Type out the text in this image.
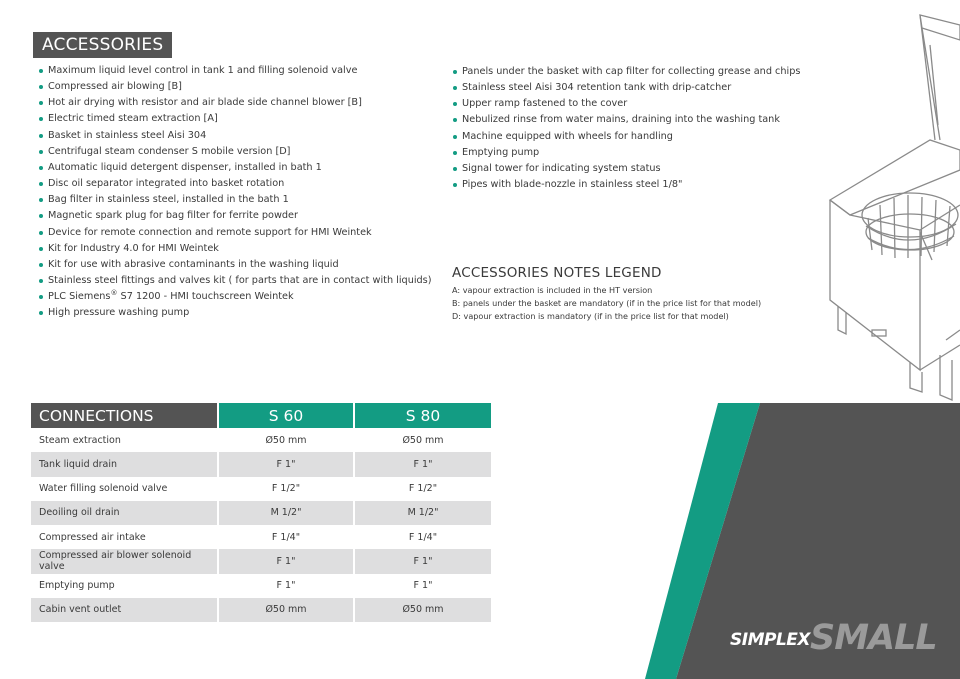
ACCESSORIES
Maximum liquid level control in tank 1 and filling solenoid valve
Compressed air blowing [B]
Hot air drying with resistor and air blade side channel blower [B]
Electric timed steam extraction [A]
Basket in stainless steel Aisi 304
Centrifugal steam condenser S mobile version [D]
Automatic liquid detergent dispenser, installed in bath 1
Disc oil separator integrated into basket rotation
Bag filter in stainless steel, installed in the bath 1
Magnetic spark plug for bag filter for ferrite powder
Device for remote connection and remote support for HMI Weintek
Kit for Industry 4.0 for HMI Weintek
Kit for use with abrasive contaminants in the washing liquid
Stainless steel fittings and valves kit ( for parts that are in contact with liquids)
PLC Siemens® S7 1200 - HMI touchscreen Weintek
High pressure washing pump
Panels under the basket with cap filter for collecting grease and chips
Stainless steel Aisi 304 retention tank with drip-catcher
Upper ramp fastened to the cover
Nebulized rinse from water mains, draining into the washing tank
Machine equipped with wheels for handling
Emptying pump
Signal tower for indicating system status
Pipes with blade-nozzle in stainless steel 1/8"
ACCESSORIES NOTES LEGEND

A: vapour extraction is included in the HT version

B: panels under the basket are mandatory (if in the price list for that model)

D: vapour extraction is mandatory (if in the price list for that model)

CONNECTIONS	S 60	S 80
Steam extraction	Ø50 mm	Ø50 mm
Tank liquid drain	F 1"	F 1"
Water filling solenoid valve	F 1/2"	F 1/2"
Deoiling oil drain	M 1/2"	M 1/2"
Compressed air intake	F 1/4"	F 1/4"
Compressed air blower solenoid valve	F 1"	F 1"
Emptying pump	F 1"	F 1"
Cabin vent outlet	Ø50 mm	Ø50 mm
SIMPLEXSMALL
